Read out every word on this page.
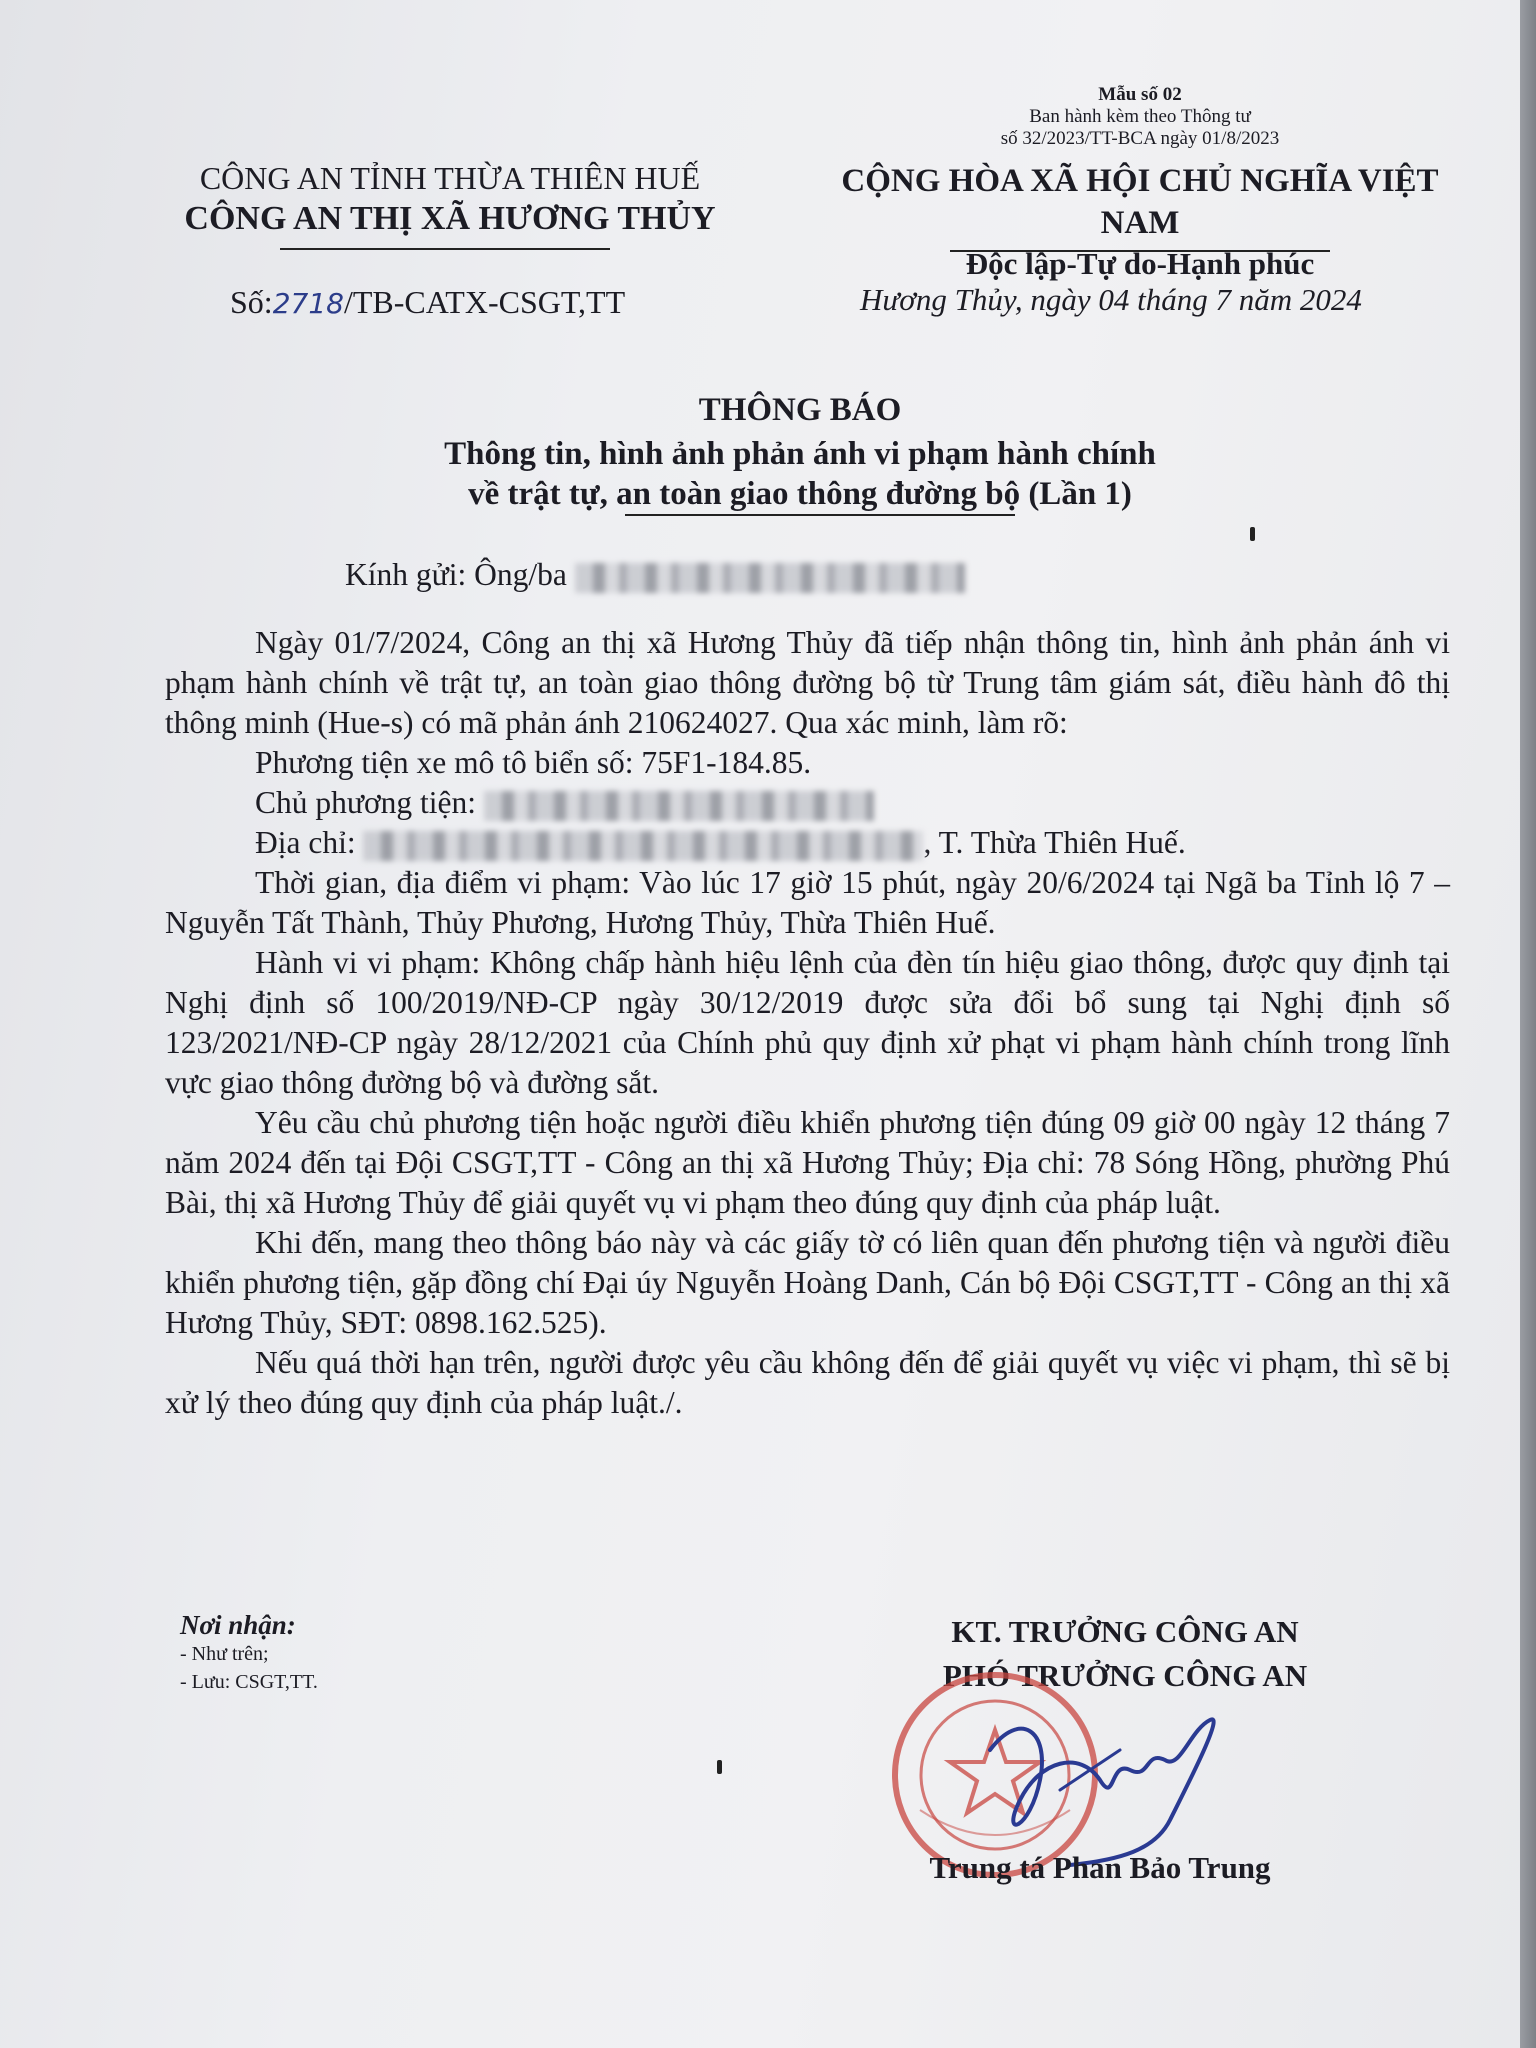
Mẫu số 02
Ban hành kèm theo Thông tư
số 32/2023/TT-BCA ngày 01/8/2023
CÔNG AN TỈNH THỪA THIÊN HUẾ
CÔNG AN THỊ XÃ HƯƠNG THỦY
CỘNG HÒA XÃ HỘI CHỦ NGHĨA VIỆT NAM
Độc lập-Tự do-Hạnh phúc
Số:2718/TB-CATX-CSGT,TT	Hương Thủy, ngày 04 tháng 7 năm 2024
THÔNG BÁO
Thông tin, hình ảnh phản ánh vi phạm hành chính
về trật tự, an toàn giao thông đường bộ (Lần 1)

Kính gửi: Ông/ba

Ngày 01/7/2024, Công an thị xã Hương Thủy đã tiếp nhận thông tin, hình ảnh phản ánh vi phạm hành chính về trật tự, an toàn giao thông đường bộ từ Trung tâm giám sát, điều hành đô thị thông minh (Hue-s) có mã phản ánh 210624027. Qua xác minh, làm rõ:

Phương tiện xe mô tô biển số: 75F1-184.85.

Chủ phương tiện:

Địa chỉ:	, T. Thừa Thiên Huế.

Thời gian, địa điểm vi phạm: Vào lúc 17 giờ 15 phút, ngày 20/6/2024 tại Ngã ba Tỉnh lộ 7 – Nguyễn Tất Thành, Thủy Phương, Hương Thủy, Thừa Thiên Huế.

Hành vi vi phạm: Không chấp hành hiệu lệnh của đèn tín hiệu giao thông, được quy định tại Nghị định số 100/2019/NĐ-CP ngày 30/12/2019 được sửa đổi bổ sung tại Nghị định số 123/2021/NĐ-CP ngày 28/12/2021 của Chính phủ quy định xử phạt vi phạm hành chính trong lĩnh vực giao thông đường bộ và đường sắt.

Yêu cầu chủ phương tiện hoặc người điều khiển phương tiện đúng 09 giờ 00 ngày 12 tháng 7 năm 2024 đến tại Đội CSGT,TT - Công an thị xã Hương Thủy; Địa chỉ: 78 Sóng Hồng, phường Phú Bài, thị xã Hương Thủy để giải quyết vụ vi phạm theo đúng quy định của pháp luật.

Khi đến, mang theo thông báo này và các giấy tờ có liên quan đến phương tiện và người điều khiển phương tiện, gặp đồng chí Đại úy Nguyễn Hoàng Danh, Cán bộ Đội CSGT,TT - Công an thị xã Hương Thủy, SĐT: 0898.162.525).

Nếu quá thời hạn trên, người được yêu cầu không đến để giải quyết vụ việc vi phạm, thì sẽ bị xử lý theo đúng quy định của pháp luật./.

Nơi nhận:
- Như trên;
- Lưu: CSGT,TT.
KT. TRƯỞNG CÔNG AN
PHÓ TRƯỞNG CÔNG AN
Trung tá Phan Bảo Trung
